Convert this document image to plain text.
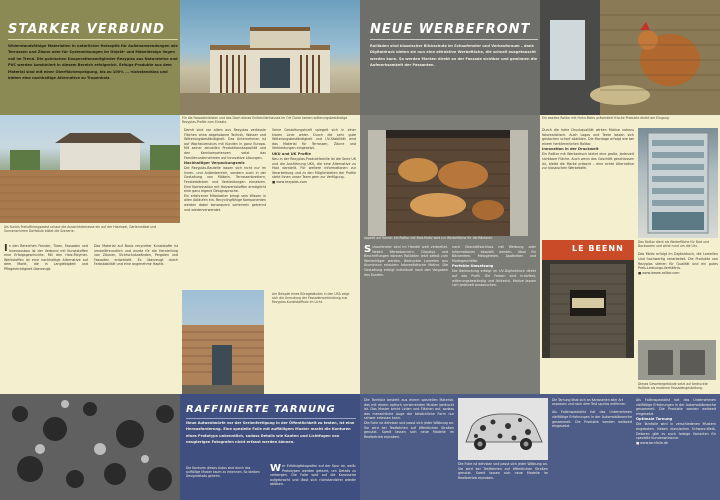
STARKER VERBUND
Widerstandsfähige Materialien in natürlicher Holzoptik für Außenanwendungen wie Terrassen und Zäune oder für Systemlösungen im Objekt- und Möbeldesign liegen voll im Trend. Die polnischen Kooperationsmitglieder Rezyplas aus Natursteine und PVC werden kombiniert in diesem Bereich erfolgreich. Erfolgs-Produkte aus dem Material sind mit einer Oberflächenprägung, bis zu 100% ... rückstandslos und bieten eine nachhaltige Alternative zu Tropenholz.
Für die Fassadenleisten und das Dach dieses Einfamilienhauses im Ort Cloire kamen witterungsbeständige Rezyplas-Profile zum Einsatz.
Als Sunkis Freiluftklangpalast schaut die Aussichtsterrasse ein auf der Holzinsel, Gartenmöbel und Sonnenschirme Dorfsäule bildet die Szenerie.

Damit sind vor allem aus Rezyplas verfasste Flächen ohne abgehobene Technik, Wasser und Witterungsbeständigkeit. Das Unternehmen ist auf Wachstumskurs mit Kunden in ganz Europa. Mit seiner aktuellen Produktionskapazität und den Kernkompetenzen setzt das Familienunternehmen auf innovative Lösungen.

Nachhaltiger Verpackungsmix

Die Rezyplas-Bauteile lassen sich nicht nur im Innen- und Außenbereich, sondern auch in der Gestaltung von Möbeln, Terrassenbrettern, Fensterbänken und Verkleidungen einsetzen. Eine Kombination mit Holzwerkstoffen ermöglicht eine ganz eigene Designsprache.

Ein erfahrener Mitarbeiter bringt sein Wissen in allen Abläufen ein. Recyclingfähige Komponenten werden dabei konsequent sortenrein getrennt und wiederverwendet.

Seine Gestaltungskraft spiegelt sich in einer klaren Linie wider. Durch die sehr gute Witterungsbeständigkeit und UV-Stabilität wird das Material für Terrassen, Zäune und Verkleidungen eingesetzt.

UKU und UK Profile

Neu in der Rezyplas-Produktfamilie ist die Serie UK und die Ausführung UKU, die eine Alternative zu Holz darstellt. Für weitere Informationen zur Verarbeitung und zu den Möglichkeiten der Profile steht Ihnen unser Team gern zur Verfügung.

■ www.rezyplas.com

In den Bereichen Fenster, Türen, Fassaden und Innenausbau ist der Verbund mit Kunststoffen eine Erfolgsgeschichte. Mit den Holz-Polymer-Werkstoffen ist eine nachhaltige Alternative auf dem Markt, die in Langlebigkeit und Pflegeleichtigkeit überzeugt.

Das Material auf Basis recycelter Kunststoffe ist umweltfreundlich und wurde für die Herstellung von Zäunen, Sichtschutzwänden, Pergolen und Fassaden entwickelt. Es überzeugt durch Farbstabilität und eine angenehme Haptik.

Am Beispiel eines Bürogebäudes in den USA zeigt sich die Anmutung der Fassadenverkleidung aus Rezyplas-Kunststoffholz im Licht.
NEUE WERBEFRONT
Rollläden sind klassischer Blickschutz im Schaufenster und Verkaufsraum – dank Digitaldruck bieten sie nun eine attraktive Werbefläche, die schnell ausgetauscht werden kann. So werden Marken direkt an der Fassade sichtbar und gewinnen die Aufmerksamkeit der Passanten.
Appetit auf Sonne: ein Rolltor mit Brot-Motiv wird zur Werbefläche für die Bäckerei.

Schaufenster sind im Handel weit verbreitet. Neben Werbebannern, Displays und Beschriftungen können Rollläden jetzt selbst zum Werbeträger werden. Bedruckte Lamellen aus Aluminium erlauben fotorealistische Motive. Die Gestaltung erfolgt individuell nach den Vorgaben des Kunden.

nach Geschäftsschluss mit Werbung oder Informationen bespielt werden. Ideal für Bäckereien, Metzgereien, Apotheken und Modegeschäfte.

Perfekte Umsetzung

Die Bedruckung erfolgt im UV-Digitaldruck direkt auf das Profil. Die Farben sind kratzfest, witterungsbeständig und lichtecht. Motive lassen sich jederzeit austauschen.

Ein zweites Rolltor mit Huhn-Motiv präsentiert frische Produkte direkt am Eingang.

Durch die hohe Druckqualität wirken Motive nahezu fotorealistisch. Auch Logos und Texte lassen sich gestochen scharf abbilden. Die Montage erfolgt wie bei einem herkömmlichen Rolltor.

Innovation in der Druckwelt

Ein Rolltor mit Werbedruck bietet eine große, jederzeit sichtbare Fläche. Auch wenn das Geschäft geschlossen ist, bleibt die Marke präsent – eine echte Alternative zur klassischen Werbetafel.

LE BEENN

Das Rolltor dient als Werbefläche für Brot und Backwaren und wirbt rund um die Uhr.

Das Motiv erfolgt im Digitaldruck, die Lamellen sind hochwertig verarbeitet. Die Produkte von Rezyplas stehen für Qualität und ein gutes Preis-Leistungs-Verhältnis.

■ www.loewe-rolltor.com

Dieses Gewerbegebäude setzt auf bedruckte Rolltore als moderne Fassadengestaltung.
RAFFINIERTE TARNUNG
Neue Autoentwürfe vor der Serienfertigung in der Öffentlichkeit zu testen, ist eine Herausforderung. Eine spezielle Folie mit auffälligem Muster macht die Konturen eines Prototyps unkenntlich, sodass Details wie Kanten und Lichtfugen von neugierigen Fotografen nicht erfasst werden können.
Die Konturen dieses Autos sind durch das auffällige Muster kaum zu erkennen. So bleiben Designdetails geheim.

Wer Erlkönigfotografen auf der Spur ist, weiß: Prototypen werden getarnt, um Details zu verbergen. Die Folie wird auf die Karosserie aufgebracht und lässt sich rückstandsfrei wieder ablösen.

Die Tarnfolie besteht aus einem speziellen Material, das mit einem optisch verwirrenden Muster bedruckt ist. Das Muster bricht Linien und Flächen auf, sodass das menschliche Auge die tatsächliche Form nur schwer erfassen kann.

Die Folie ist dehnbar und passt sich jeder Wölbung an. Sie wird bei Testfahrten auf öffentlichen Straßen genutzt. Somit lassen sich neue Modelle im Realbetrieb erproben.

Die Folie ist dehnbar und passt sich jeder Wölbung an. Sie wird bei Testfahrten auf öffentlichen Straßen genutzt. Somit lassen sich neue Modelle im Realbetrieb erproben.

Die Tarnung lässt sich an Karosserien aller Art anpassen und nach dem Test spurlos entfernen.

Als Folienspezialist hat das Unternehmen vielfältige Erfahrungen in der Automobilbranche gesammelt. Die Produkte werden weltweit eingesetzt.

Als Folienspezialist hat das Unternehmen vielfältige Erfahrungen in der Automobilbranche gesammelt. Die Produkte werden weltweit eingesetzt.

Optimale Tarnung

Die Tarnfolie wird in verschiedenen Mustern angeboten. Neben klassischen Schwarz-Weiß-Dekoren gibt es auch farbige Varianten für spezielle Kundenwünsche.

■ www.tarnfolie.de
